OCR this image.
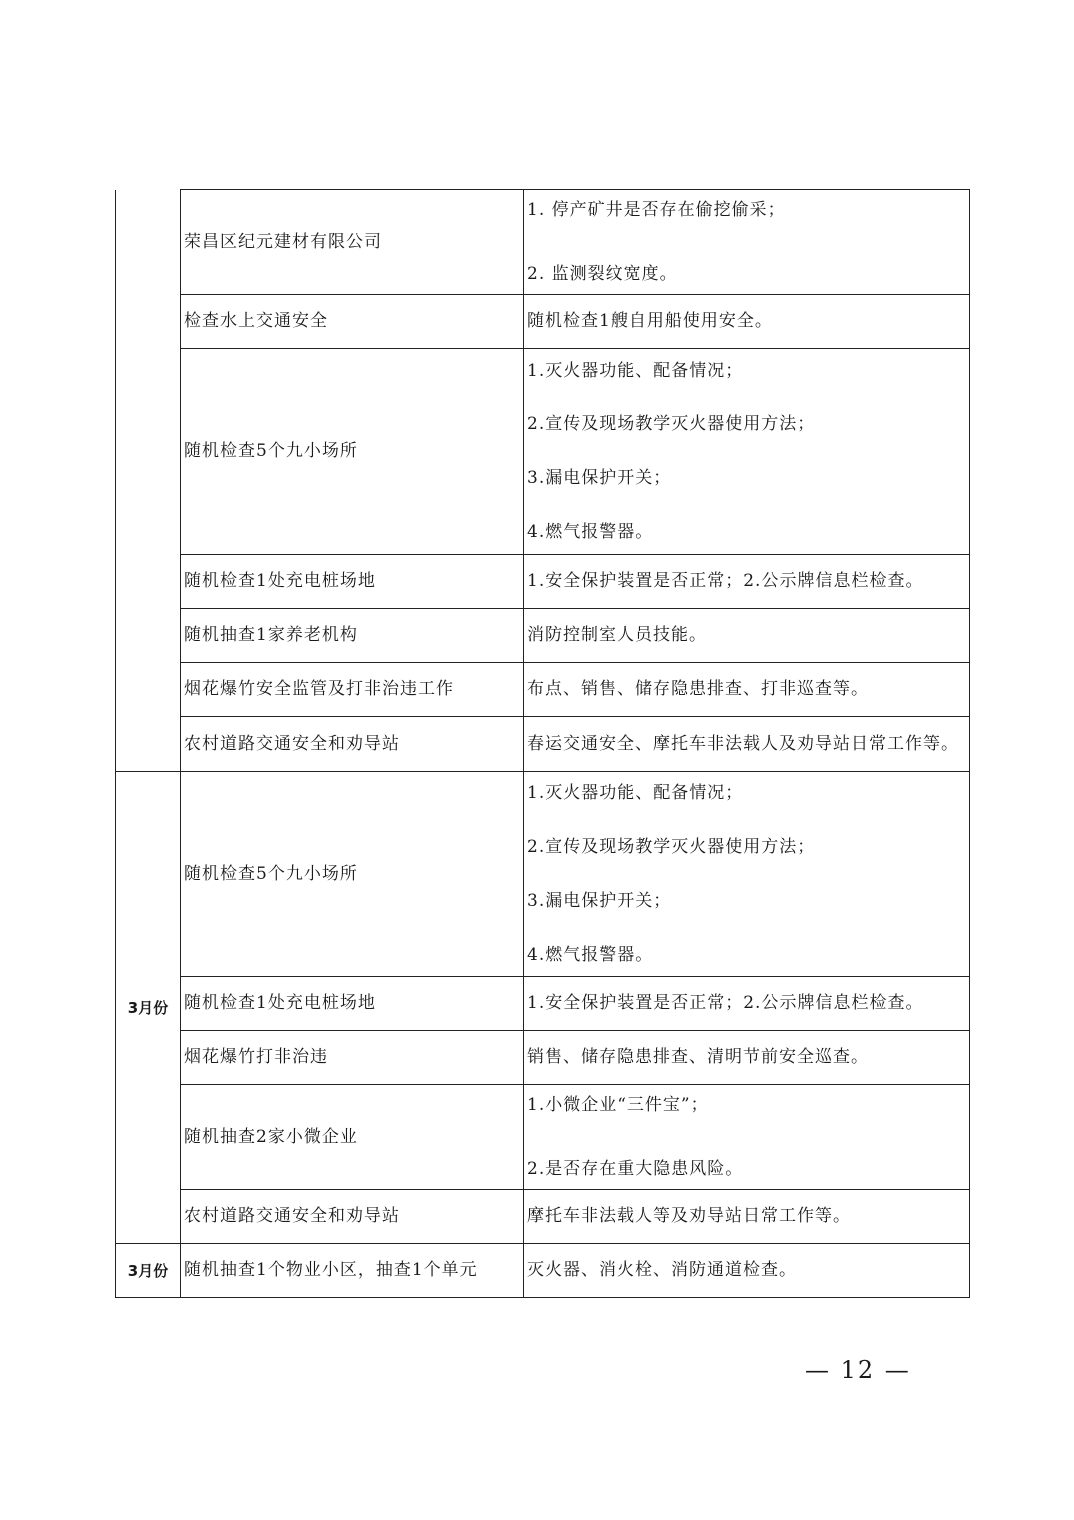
	荣昌区纪元建材有限公司	1. 停产矿井是否存在偷挖偷采；
2. 监测裂纹宽度。

	检查水上交通安全	随机检查1艘自用船使用安全。
	随机检查5个九小场所	1.灭火器功能、配备情况；
2.宣传及现场教学灭火器使用方法；
3.漏电保护开关；
4.燃气报警器。

	随机检查1处充电桩场地	1.安全保护装置是否正常；2.公示牌信息栏检查。
	随机抽查1家养老机构	消防控制室人员技能。
	烟花爆竹安全监管及打非治违工作	布点、销售、储存隐患排查、打非巡查等。
	农村道路交通安全和劝导站	春运交通安全、摩托车非法载人及劝导站日常工作等。
3月份	随机检查5个九小场所	1.灭火器功能、配备情况；
2.宣传及现场教学灭火器使用方法；
3.漏电保护开关；
4.燃气报警器。

	随机检查1处充电桩场地	1.安全保护装置是否正常；2.公示牌信息栏检查。
	烟花爆竹打非治违	销售、储存隐患排查、清明节前安全巡查。
	随机抽查2家小微企业	1.小微企业“三件宝”；
2.是否存在重大隐患风险。

	农村道路交通安全和劝导站	摩托车非法载人等及劝导站日常工作等。
3月份	随机抽查1个物业小区，抽查1个单元	灭火器、消火栓、消防通道检查。
— 12 —
